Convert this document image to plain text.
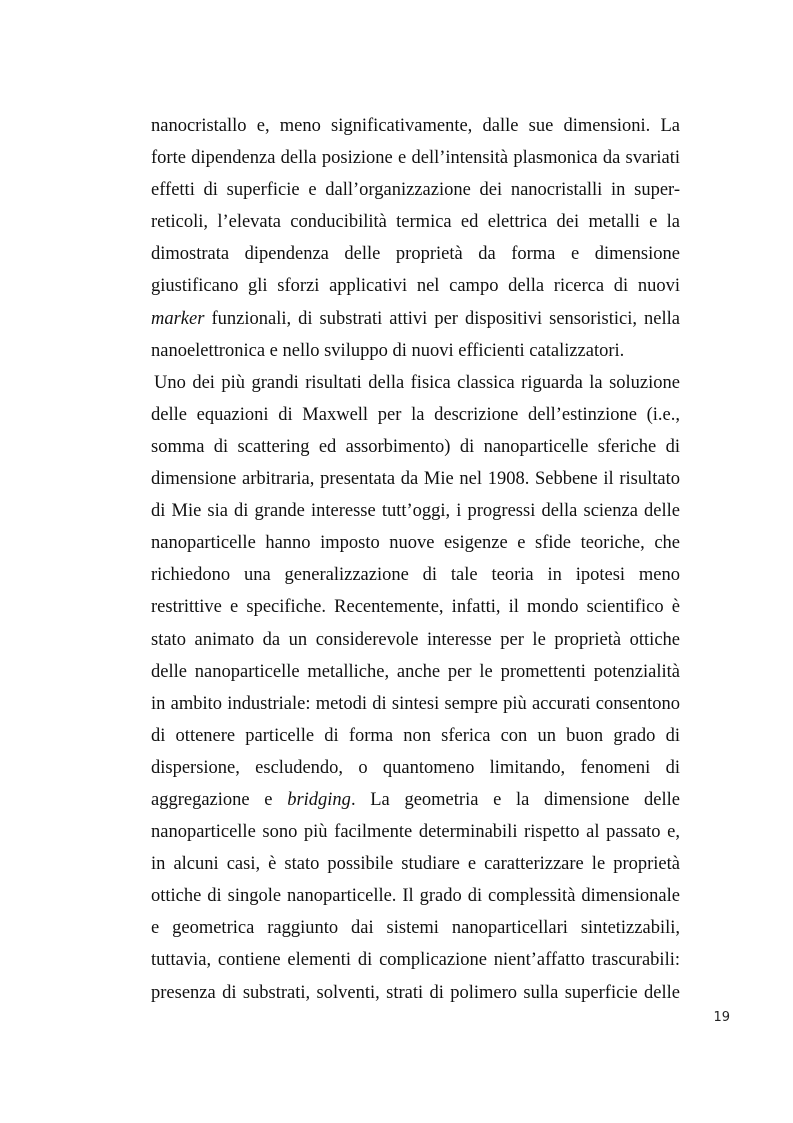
nanocristallo e, meno significativamente, dalle sue dimensioni. La
forte dipendenza della posizione e dell’intensità plasmonica da svariati
effetti di superficie e dall’organizzazione dei nanocristalli in super-
reticoli, l’elevata conducibilità termica ed elettrica dei metalli e la
dimostrata dipendenza delle proprietà da forma e dimensione
giustificano gli sforzi applicativi nel campo della ricerca di nuovi
marker funzionali, di substrati attivi per dispositivi sensoristici, nella
nanoelettronica e nello sviluppo di nuovi efficienti catalizzatori.
Uno dei più grandi risultati della fisica classica riguarda la soluzione
delle equazioni di Maxwell per la descrizione dell’estinzione (i.e.,
somma di scattering ed assorbimento) di nanoparticelle sferiche di
dimensione arbitraria, presentata da Mie nel 1908. Sebbene il risultato
di Mie sia di grande interesse tutt’oggi, i progressi della scienza delle
nanoparticelle hanno imposto nuove esigenze e sfide teoriche, che
richiedono una generalizzazione di tale teoria in ipotesi meno
restrittive e specifiche. Recentemente, infatti, il mondo scientifico è
stato animato da un considerevole interesse per le proprietà ottiche
delle nanoparticelle metalliche, anche per le promettenti potenzialità
in ambito industriale: metodi di sintesi sempre più accurati consentono
di ottenere particelle di forma non sferica con un buon grado di
dispersione, escludendo, o quantomeno limitando, fenomeni di
aggregazione e bridging. La geometria e la dimensione delle
nanoparticelle sono più facilmente determinabili rispetto al passato e,
in alcuni casi, è stato possibile studiare e caratterizzare le proprietà
ottiche di singole nanoparticelle. Il grado di complessità dimensionale
e geometrica raggiunto dai sistemi nanoparticellari sintetizzabili,
tuttavia, contiene elementi di complicazione nient’affatto trascurabili:
presenza di substrati, solventi, strati di polimero sulla superficie delle
19
